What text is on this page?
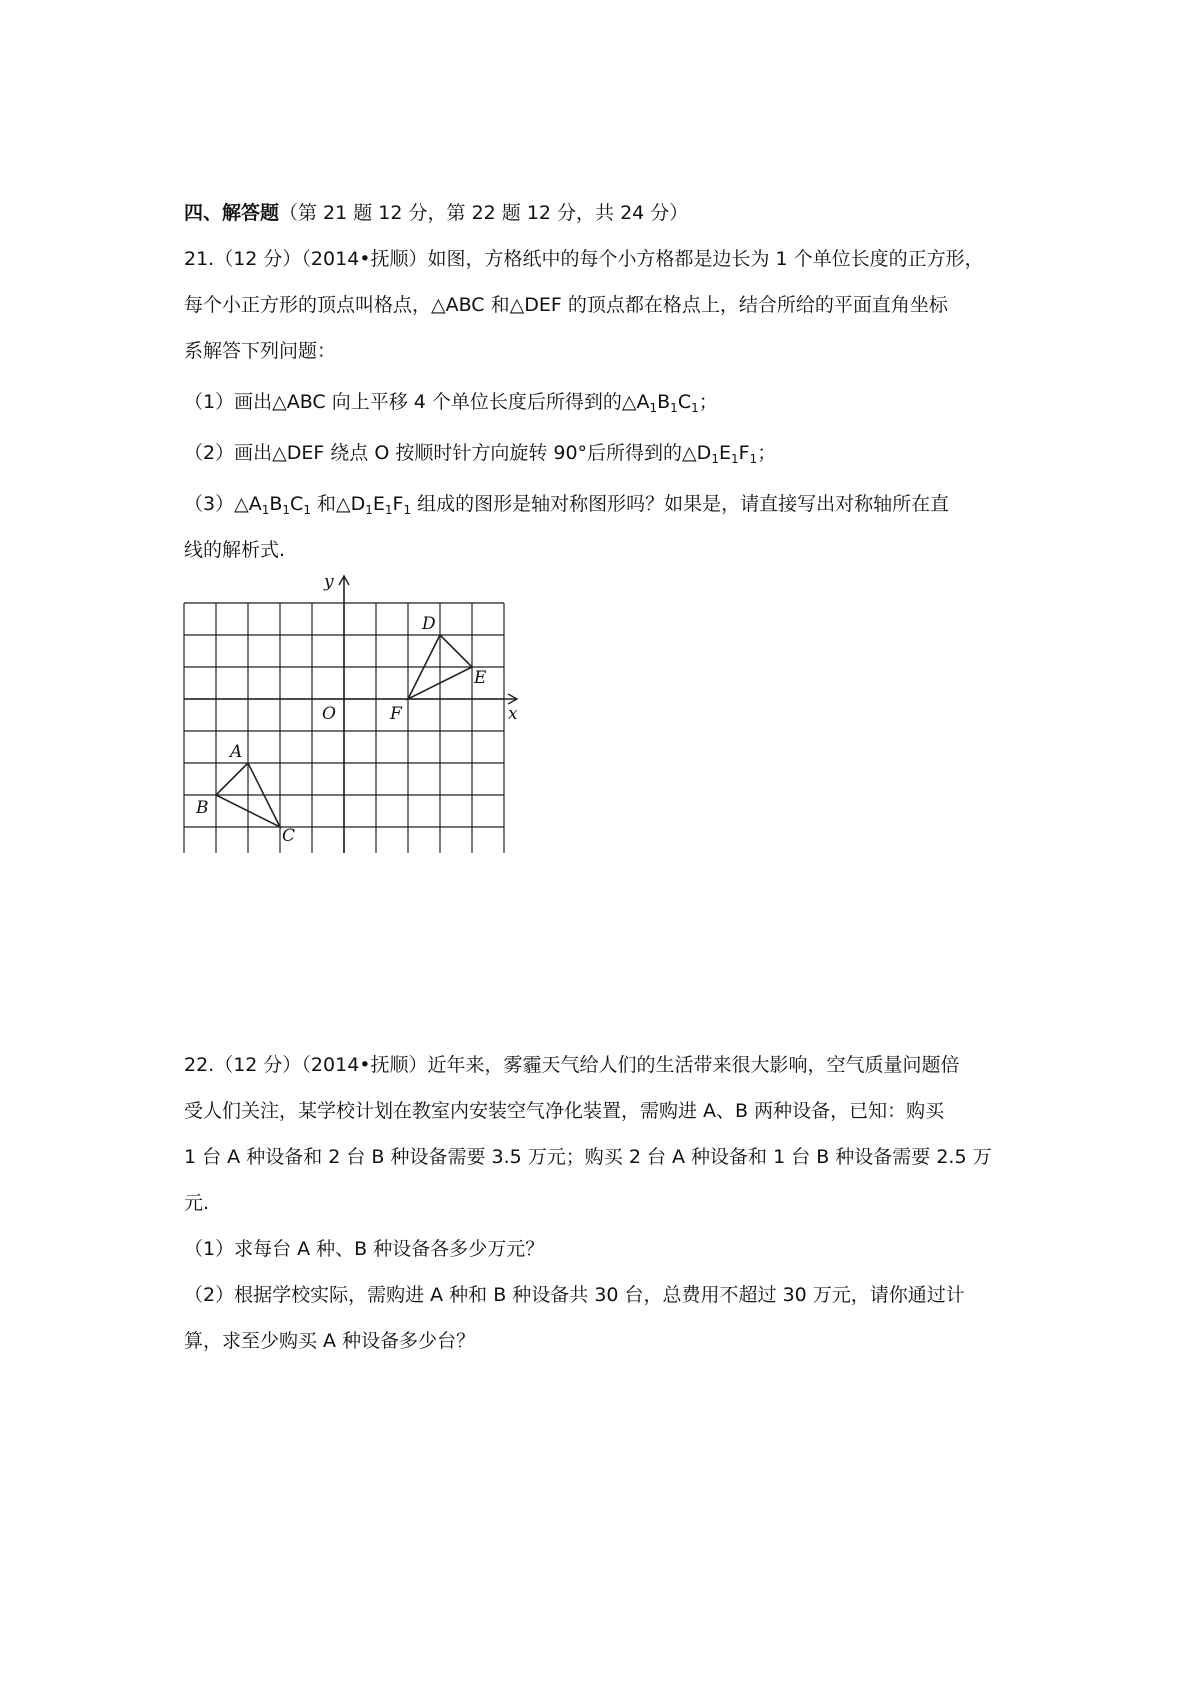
四、解答题（第 21 题 12 分，第 22 题 12 分，共 24 分）
21.（12 分）（2014•抚顺）如图，方格纸中的每个小方格都是边长为 1 个单位长度的正方形，
每个小正方形的顶点叫格点，△ABC 和△DEF 的顶点都在格点上，结合所给的平面直角坐标
系解答下列问题：
（1）画出△ABC 向上平移 4 个单位长度后所得到的$\triangle A_1B_1C_1$；
（2）画出△DEF 绕点 O 按顺时针方向旋转 90°后所得到的$\triangle D_1E_1F_1$；
$(3)\triangle A_1B_1C_1$ 和$\triangle D_1E_1F_1$ 组成的图形是轴对称图形吗？如果是，请直接写出对称轴所在直
线的解析式.
A
B
C
D
E
F
O	x
y
22.（12 分）（2014•抚顺）近年来，雾霾天气给人们的生活带来很大影响，空气质量问题倍
受人们关注，某学校计划在教室内安装空气净化装置，需购进 A、B 两种设备，已知：购买
1 台 A 种设备和 2 台 B 种设备需要 3.5 万元；购买 2 台 A 种设备和 1 台 B 种设备需要 2.5 万
元.
（1）求每台 A 种、B 种设备各多少万元？
（2）根据学校实际，需购进 A 种和 B 种设备共 30 台，总费用不超过 30 万元，请你通过计
算，求至少购买 A 种设备多少台？
